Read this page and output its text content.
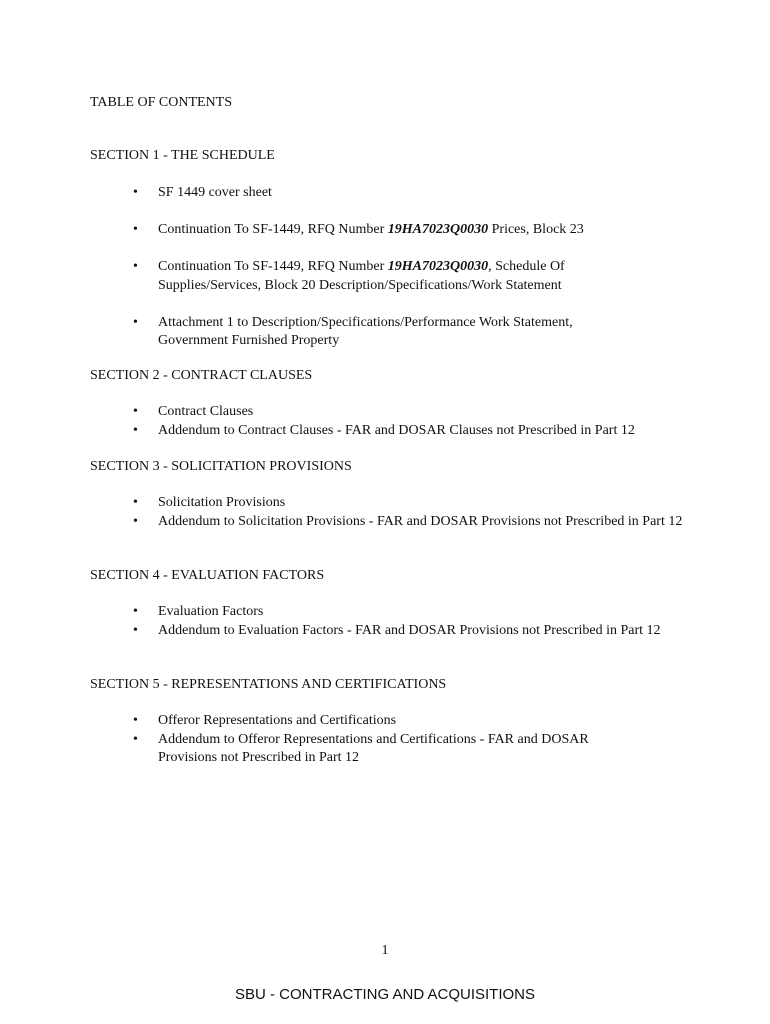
TABLE OF CONTENTS
SECTION 1 - THE SCHEDULE
• SF 1449 cover sheet
• Continuation To SF-1449, RFQ Number 19HA7023Q0030 Prices, Block 23
• Continuation To SF-1449, RFQ Number 19HA7023Q0030, Schedule Of Supplies/Services, Block 20 Description/Specifications/Work Statement
• Attachment 1 to Description/Specifications/Performance Work Statement, Government Furnished Property
SECTION 2 - CONTRACT CLAUSES
• Contract Clauses
• Addendum to Contract Clauses - FAR and DOSAR Clauses not Prescribed in Part 12
SECTION 3 - SOLICITATION PROVISIONS
• Solicitation Provisions
• Addendum to Solicitation Provisions - FAR and DOSAR Provisions not Prescribed in Part 12
SECTION 4 - EVALUATION FACTORS
• Evaluation Factors
• Addendum to Evaluation Factors - FAR and DOSAR Provisions not Prescribed in Part 12
SECTION 5 - REPRESENTATIONS AND CERTIFICATIONS
• Offeror Representations and Certifications
• Addendum to Offeror Representations and Certifications - FAR and DOSAR Provisions not Prescribed in Part 12
1
SBU - CONTRACTING AND ACQUISITIONS
